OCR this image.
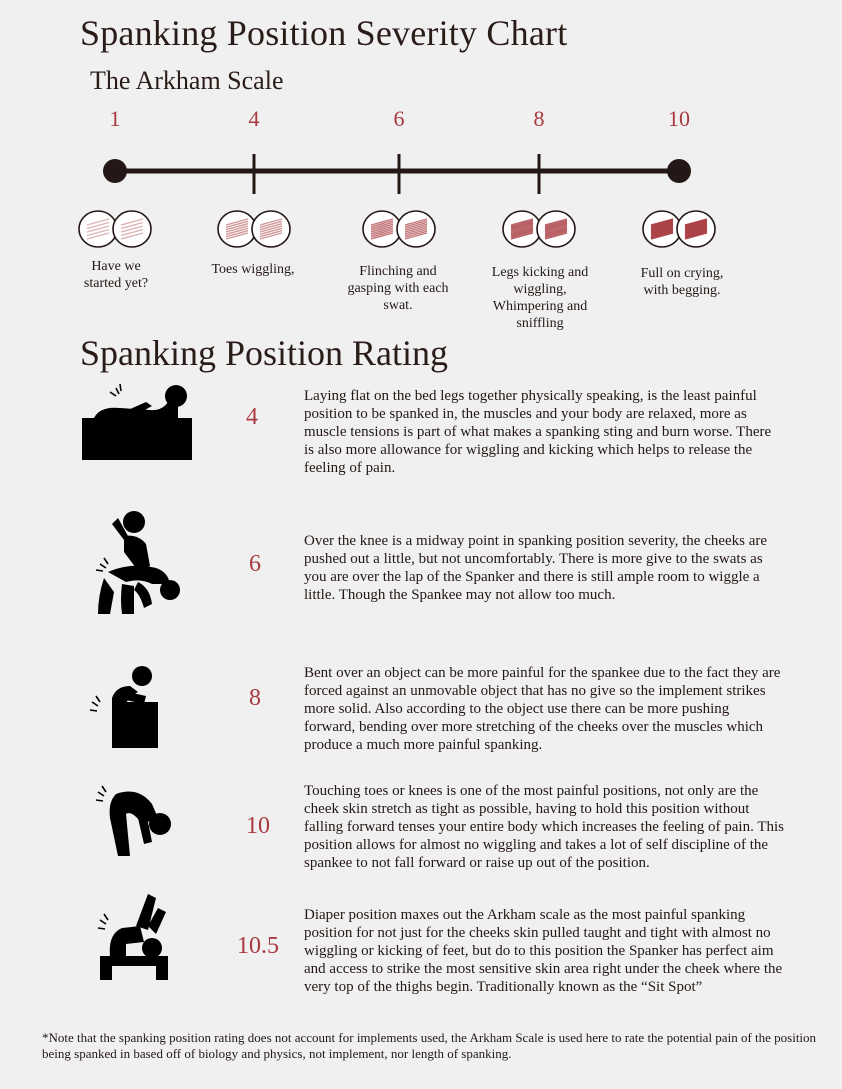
Spanking Position Severity Chart
The Arkham Scale
1	4	6	8	10
Have we started yet?
Toes wiggling,	Flinching and gasping with each swat.
Legs kicking and wiggling, Whimpering and sniffling
Full on crying, with begging.
Spanking Position Rating
4
Laying flat on the bed legs together physically speaking, is the least painful position to be spanked in, the muscles and your body are relaxed, more as muscle tensions is part of what makes a spanking sting and burn worse. There is also more allowance for wiggling and kicking which helps to release the feeling of pain.
6
Over the knee is a midway point in spanking position severity, the cheeks are pushed out a little, but not uncomfortably. There is more give to the swats as you are over the lap of the Spanker and there is still ample room to wiggle a little. Though the Spankee may not allow too much.
8
Bent over an object can be more painful for the spankee due to the fact they are forced against an unmovable object that has no give so the implement strikes more solid. Also according to the object use there can be more pushing forward, bending over more stretching of the cheeks over the muscles which produce a much more painful spanking.
10
Touching toes or knees is one of the most painful positions, not only are the cheek skin stretch as tight as possible, having to hold this position without falling forward tenses your entire body which increases the feeling of pain. This position allows for almost no wiggling and takes a lot of self discipline of the spankee to not fall forward or raise up out of the position.
10.5
Diaper position maxes out the Arkham scale as the most painful spanking position for not just for the cheeks skin pulled taught and tight with almost no wiggling or kicking of feet, but do to this position the Spanker has perfect aim and access to strike the most sensitive skin area right under the cheek where the very top of the thighs begin. Traditionally known as the “Sit Spot”
*Note that the spanking position rating does not account for implements used, the Arkham Scale is used here to rate the potential pain of the position being spanked in based off of biology and physics, not implement, nor length of spanking.
